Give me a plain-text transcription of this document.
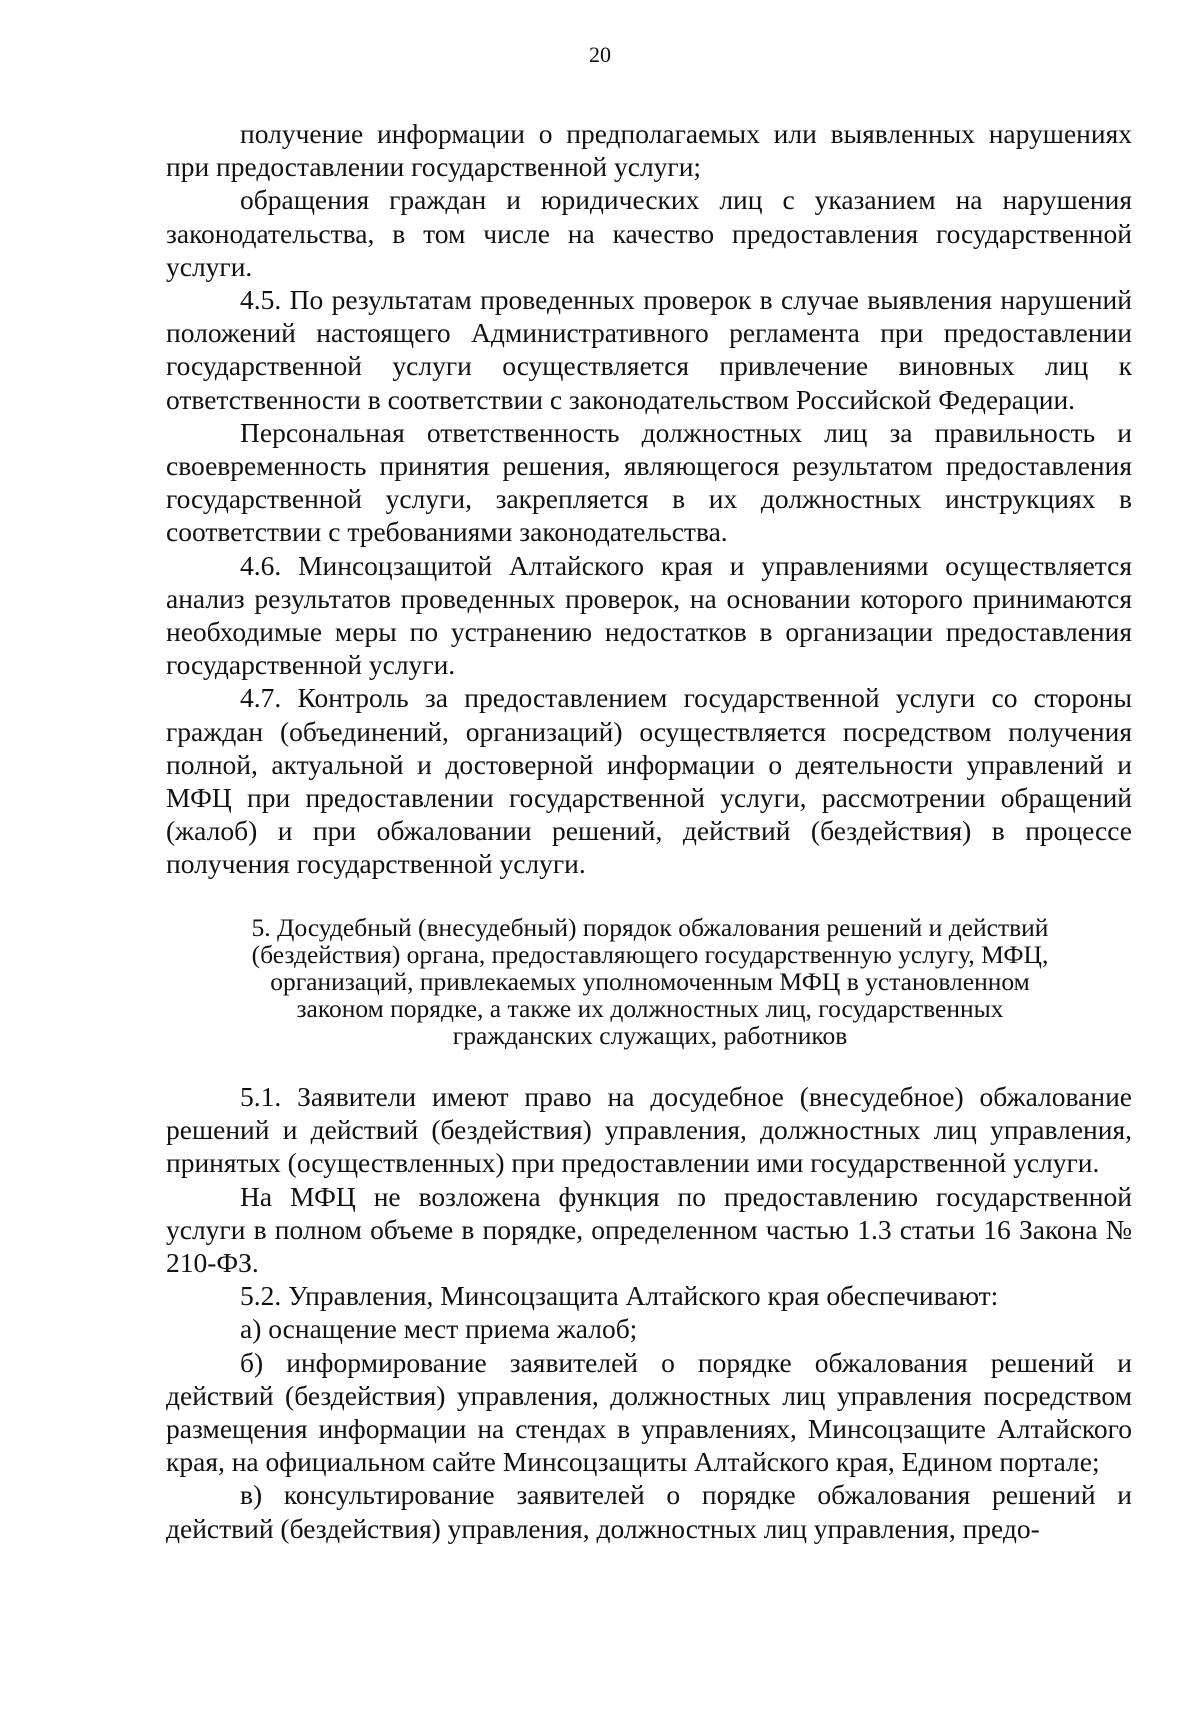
20

получение информации о предполагаемых или выявленных нарушениях при предоставлении государственной услуги;

обращения граждан и юридических лиц с указанием на нарушения законодательства, в том числе на качество предоставления государственной услуги.

4.5. По результатам проведенных проверок в случае выявления нарушений положений настоящего Административного регламента при предоставлении государственной услуги осуществляется привлечение виновных лиц к ответственности в соответствии с законодательством Российской Федерации.

Персональная ответственность должностных лиц за правильность и своевременность принятия решения, являющегося результатом предоставления государственной услуги, закрепляется в их должностных инструкциях в соответствии с требованиями законодательства.

4.6. Минсоцзащитой Алтайского края и управлениями осуществляется анализ результатов проведенных проверок, на основании которого принимаются необходимые меры по устранению недостатков в организации предоставления государственной услуги.

4.7. Контроль за предоставлением государственной услуги со стороны граждан (объединений, организаций) осуществляется посредством получения полной, актуальной и достоверной информации о деятельности управлений и МФЦ при предоставлении государственной услуги, рассмотрении обращений (жалоб) и при обжаловании решений, действий (бездействия) в процессе получения государственной услуги.

5. Досудебный (внесудебный) порядок обжалования решений и действий (бездействия) органа, предоставляющего государственную услугу, МФЦ, организаций, привлекаемых уполномоченным МФЦ в установленном законом порядке, а также их должностных лиц, государственных гражданских служащих, работников

5.1. Заявители имеют право на досудебное (внесудебное) обжалование решений и действий (бездействия) управления, должностных лиц управления, принятых (осуществленных) при предоставлении ими государственной услуги.

На МФЦ не возложена функция по предоставлению государственной услуги в полном объеме в порядке, определенном частью 1.3 статьи 16 Закона № 210-ФЗ.

5.2. Управления, Минсоцзащита Алтайского края обеспечивают:

а) оснащение мест приема жалоб;

б) информирование заявителей о порядке обжалования решений и действий (бездействия) управления, должностных лиц управления посредством размещения информации на стендах в управлениях, Минсоцзащите Алтайского края, на официальном сайте Минсоцзащиты Алтайского края, Едином портале;

в) консультирование заявителей о порядке обжалования решений и действий (бездействия) управления, должностных лиц управления, предо-
